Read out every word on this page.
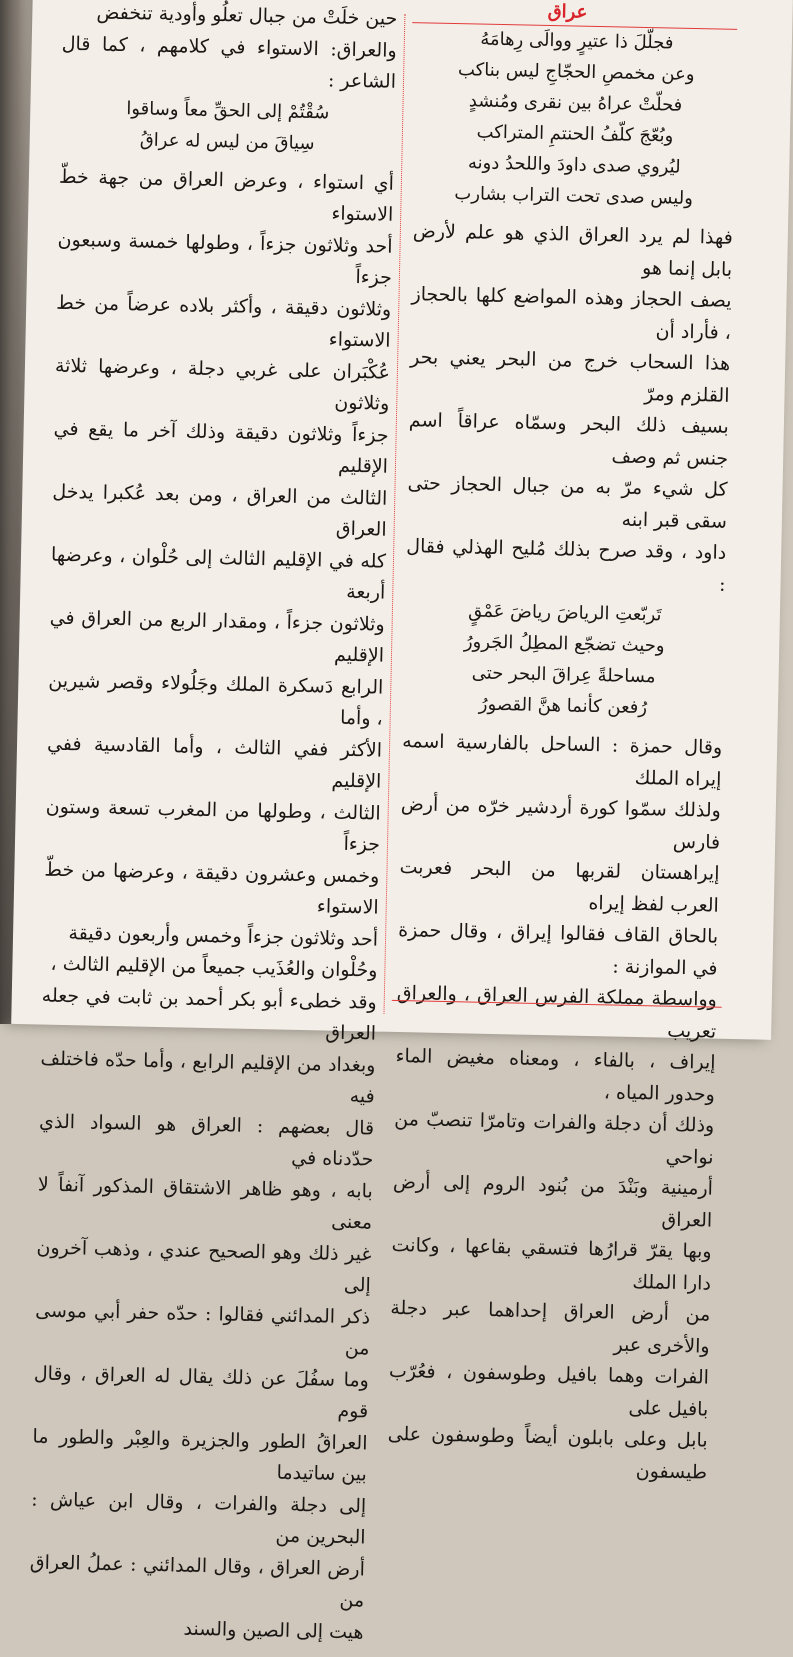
عراق

فجلّلَ ذا عتيرٍ ووالَى رِهامَهُ

وعن مخمصِ الحجّاجِ ليس بناكب

فحلّتْ عراهُ بين نقرى ومُنشدٍ

وبُعّجَ كلّفُ الحنتمِ المتراكب

ليُروي صدى داودَ واللحدُ دونه

وليس صدى تحت التراب بشارب

فهذا لم يرد العراق الذي هو علم لأرض بابل إنما هو

يصف الحجاز وهذه المواضع كلها بالحجاز ، فأراد أن

هذا السحاب خرج من البحر يعني بحر القلزم ومرّ

بسيف ذلك البحر وسمّاه عراقاً اسم جنس ثم وصف

كل شيء مرّ به من جبال الحجاز حتى سقى قبر ابنه

داود ، وقد صرح بذلك مُليح الهذلي فقال :

تَربّعتِ الرياضَ رياضَ عَمْقٍ

وحيث تضجّع المطِلُ الجَرورُ

مساحلةً عِراقَ البحر حتى

رُفعن كأنما هنَّ القصورُ

وقال حمزة : الساحل بالفارسية اسمه إيراه الملك

ولذلك سمّوا كورة أردشير خرّه من أرض فارس

إيراهستان لقربها من البحر فعربت العرب لفظ إيراه

بالحاق القاف فقالوا إيراق ، وقال حمزة في الموازنة :

وواسطة مملكة الفرس العراق ، والعراق تعريب

إيراف ، بالفاء ، ومعناه مغيض الماء وحدور المياه ،

وذلك أن دجلة والفرات وتامرّا تنصبّ من نواحي

أرمينية وبَنْدَ من بُنود الروم إلى أرض العراق

وبها يقرّ قرارُها فتسقي بقاعها ، وكانت دارا الملك

من أرض العراق إحداهما عبر دجلة والأخرى عبر

الفرات وهما بافيل وطوسفون ، فعُرّب بافيل على

بابل وعلى بابلون أيضاً وطوسفون على طيسفون

حين خلَتْ من جبال تعلُو وأودية تنخفض

والعراق: الاستواء في كلامهم ، كما قال الشاعر :

سُقْتُمْ إلى الحقِّ معاً وساقوا

سِياقَ من ليس له عراقُ

أي استواء ، وعرض العراق من جهة خطّ الاستواء

أحد وثلاثون جزءاً ، وطولها خمسة وسبعون جزءاً

وثلاثون دقيقة ، وأكثر بلاده عرضاً من خط الاستواء

عُكْبَران على غربي دجلة ، وعرضها ثلاثة وثلاثون

جزءاً وثلاثون دقيقة وذلك آخر ما يقع في الإقليم

الثالث من العراق ، ومن بعد عُكبرا يدخل العراق

كله في الإقليم الثالث إلى حُلْوان ، وعرضها أربعة

وثلاثون جزءاً ، ومقدار الربع من العراق في الإقليم

الرابع دَسكرة الملك وجَلُولاء وقصر شيرين ، وأما

الأكثر ففي الثالث ، وأما القادسية ففي الإقليم

الثالث ، وطولها من المغرب تسعة وستون جزءاً

وخمس وعشرون دقيقة ، وعرضها من خطّ الاستواء

أحد وثلاثون جزءاً وخمس وأربعون دقيقة

وحُلْوان والعُذَيب جميعاً من الإقليم الثالث ،

وقد خطىء أبو بكر أحمد بن ثابت في جعله العراق

وبغداد من الإقليم الرابع ، وأما حدّه فاختلف فيه

قال بعضهم : العراق هو السواد الذي حدّدناه في

بابه ، وهو ظاهر الاشتقاق المذكور آنفاً لا معنى

غير ذلك وهو الصحيح عندي ، وذهب آخرون إلى

ذكر المدائني فقالوا : حدّه حفر أبي موسى من

وما سفُلَ عن ذلك يقال له العراق ، وقال قوم

العراقُ الطور والجزيرة والعِبْر والطور ما بين ساتيدما

إلى دجلة والفرات ، وقال ابن عياش : البحرين من

أرض العراق ، وقال المدائني : عملُ العراق من

هيت إلى الصين والسند
